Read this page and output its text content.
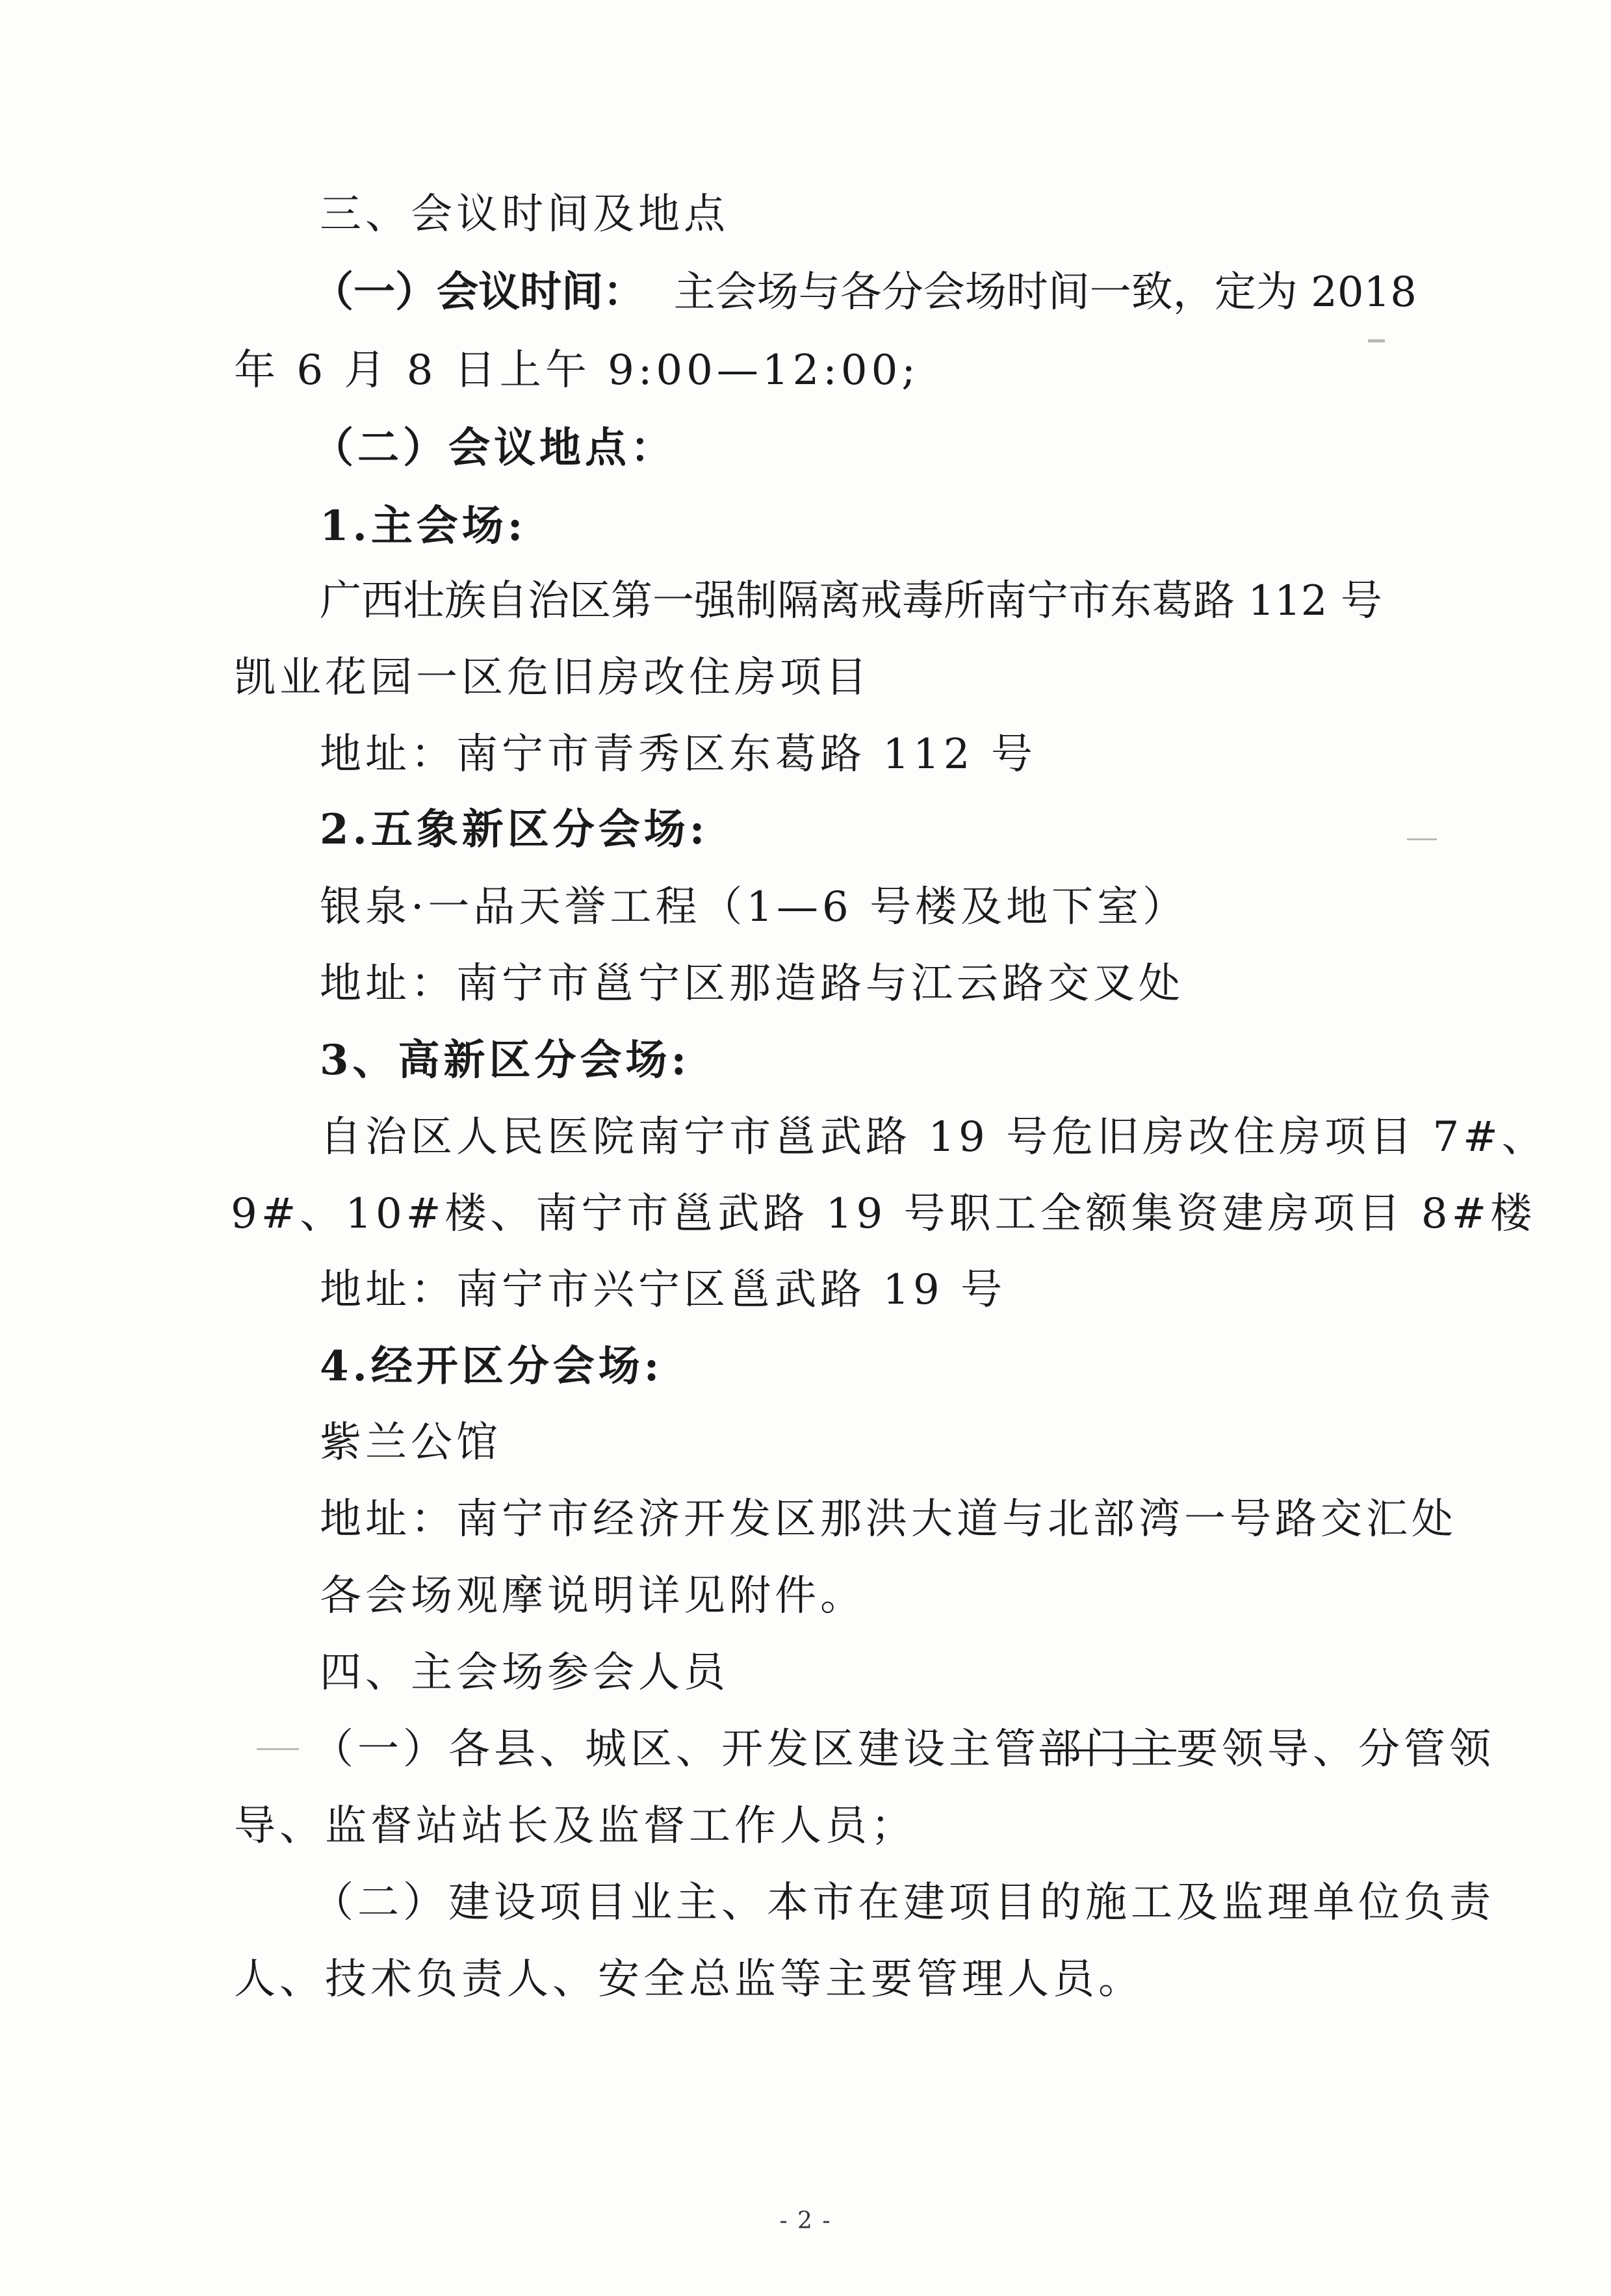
三、会议时间及地点
（一）会议时间： 主会场与各分会场时间一致，定为 2018
年 6 月 8 日上午 9:00—12:00;
（二）会议地点：
1.主会场:
广西壮族自治区第一强制隔离戒毒所南宁市东葛路 112 号
凯业花园一区危旧房改住房项目
地址：南宁市青秀区东葛路 112 号
2.五象新区分会场:
银泉·一品天誉工程（1—6 号楼及地下室）
地址：南宁市邕宁区那造路与江云路交叉处
3、高新区分会场:
自治区人民医院南宁市邕武路 19 号危旧房改住房项目 7#、
9#、10#楼、南宁市邕武路 19 号职工全额集资建房项目 8#楼
地址：南宁市兴宁区邕武路 19 号
4.经开区分会场:
紫兰公馆
地址：南宁市经济开发区那洪大道与北部湾一号路交汇处
各会场观摩说明详见附件。
四、主会场参会人员
（一）各县、城区、开发区建设主管部门主要领导、分管领
导、监督站站长及监督工作人员；
（二）建设项目业主、本市在建项目的施工及监理单位负责
人、技术负责人、安全总监等主要管理人员。
- 2 -
